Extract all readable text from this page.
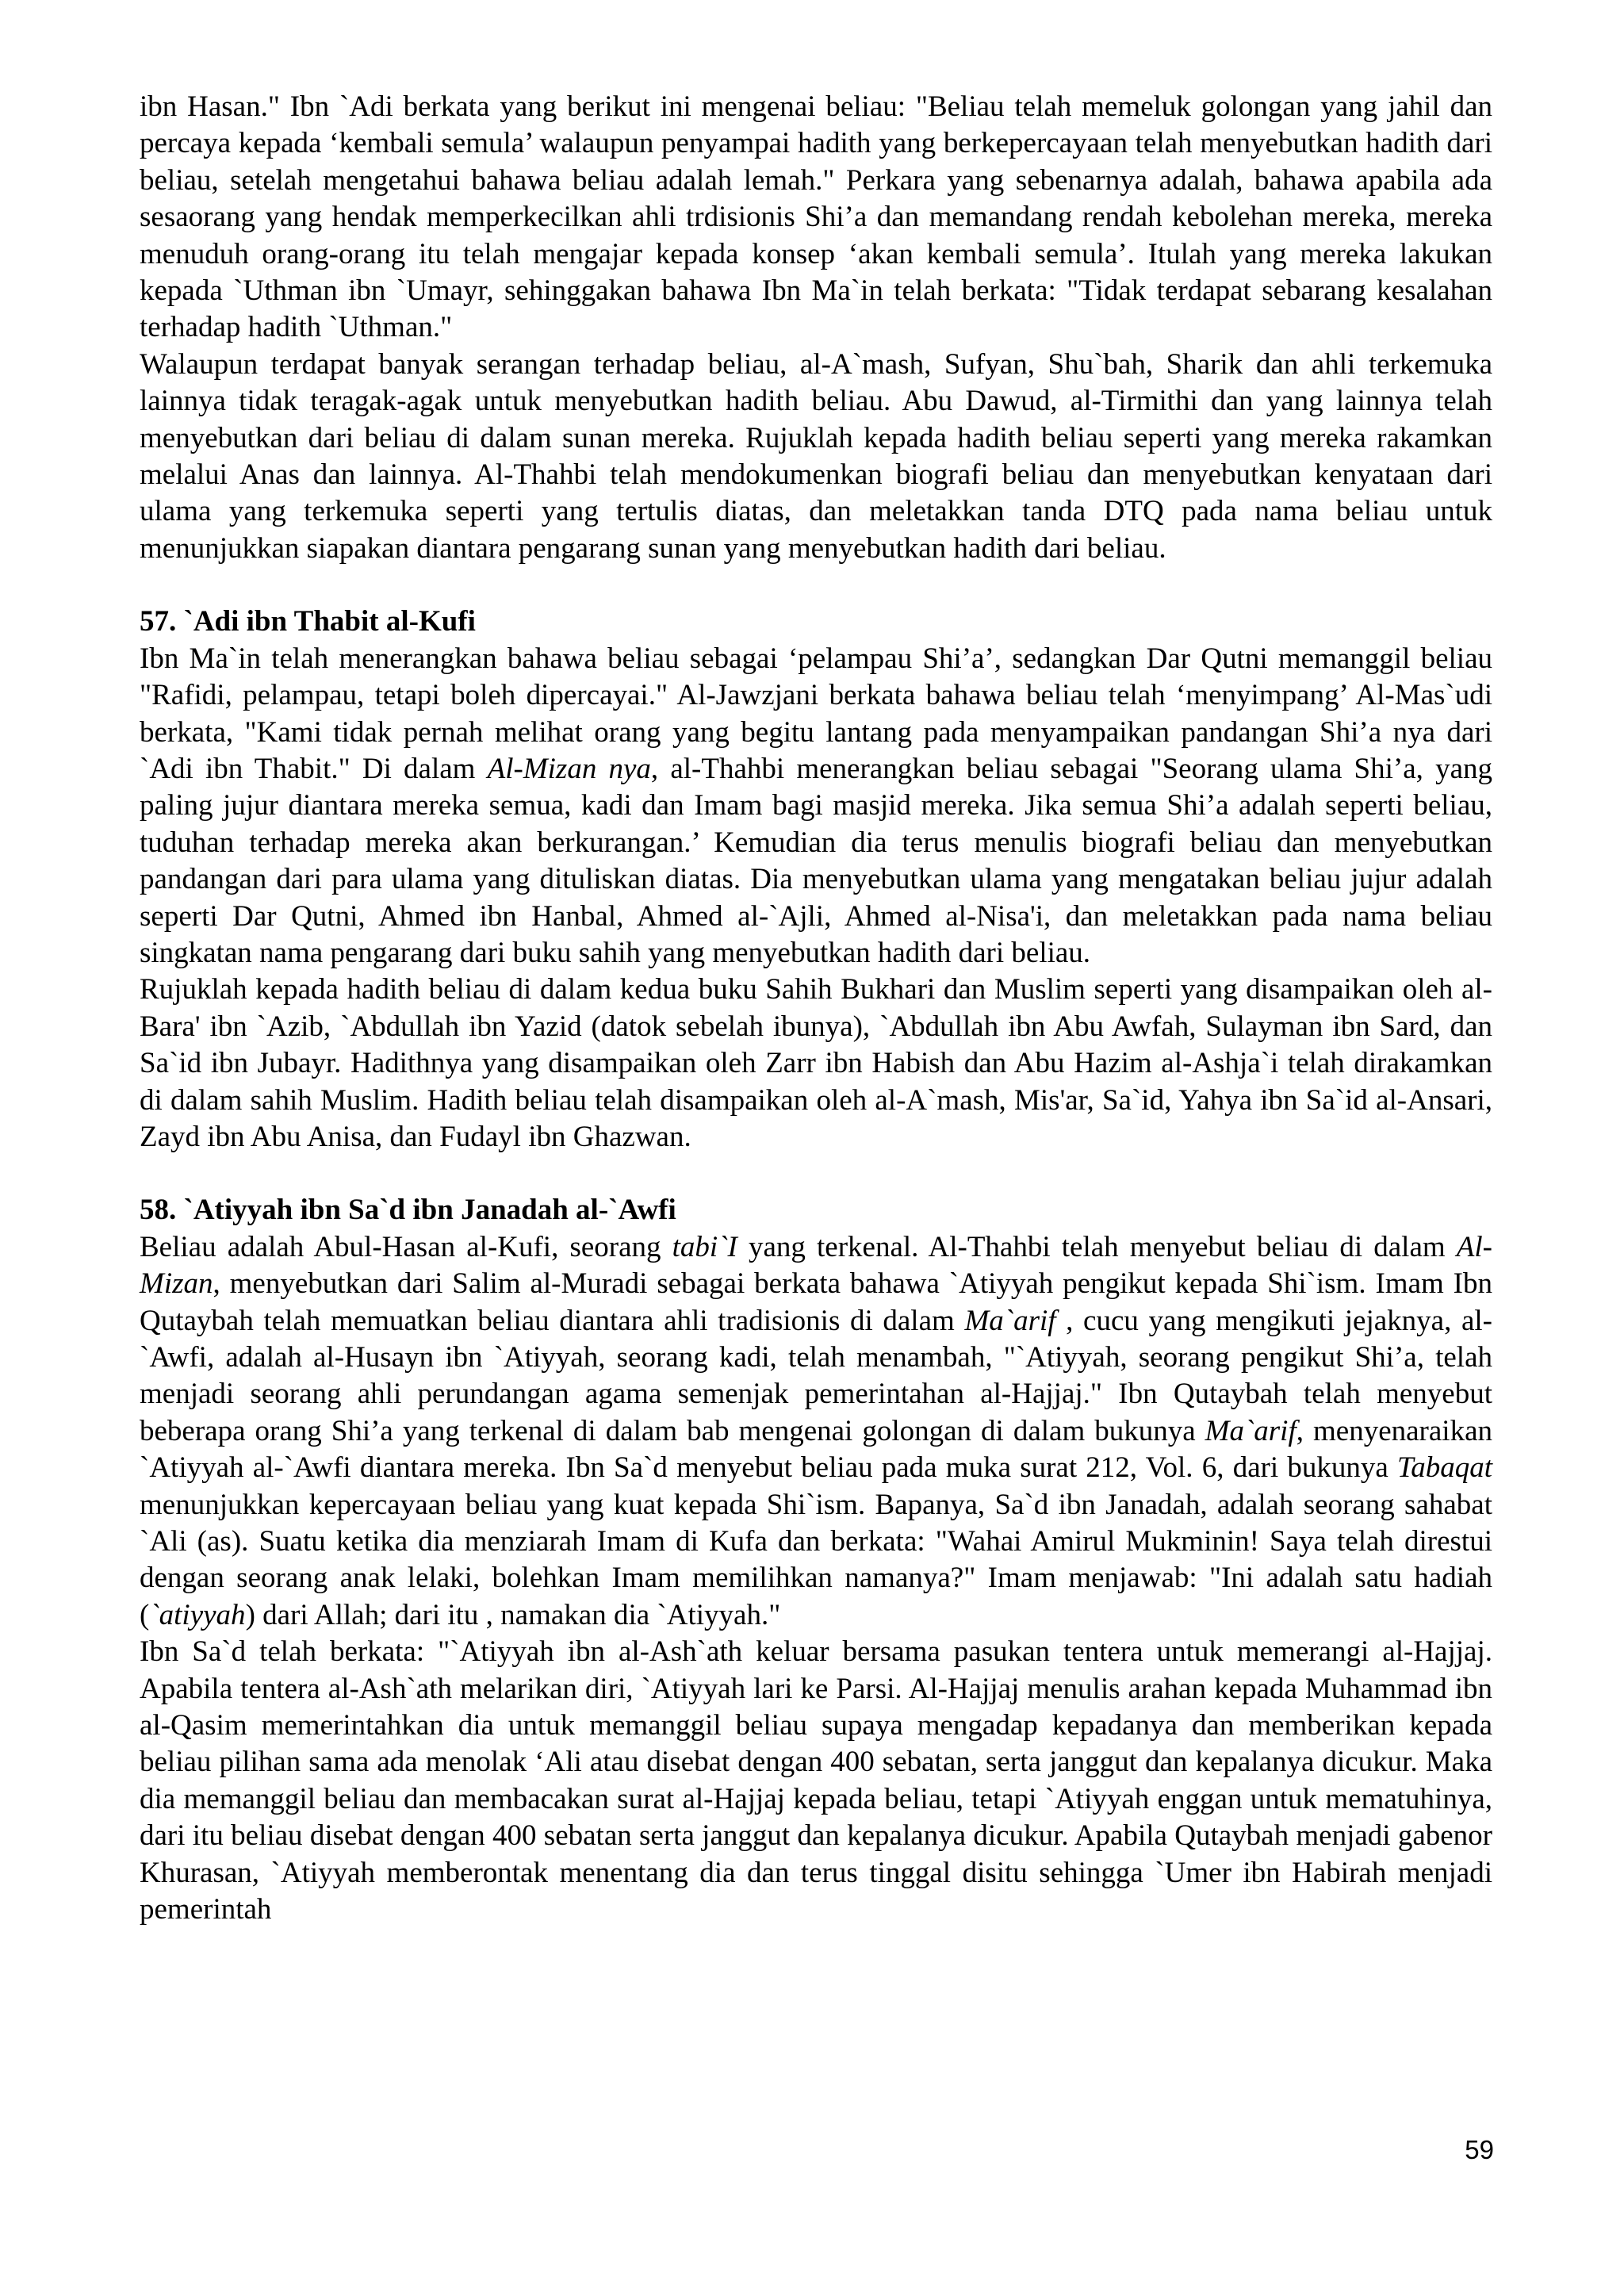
ibn Hasan." Ibn `Adi berkata yang berikut ini mengenai beliau: "Beliau telah memeluk golongan yang jahil dan percaya kepada ‘kembali semula’ walaupun penyampai hadith yang berkepercayaan telah menyebutkan hadith dari beliau, setelah mengetahui bahawa beliau adalah lemah." Perkara yang sebenarnya adalah, bahawa apabila ada sesaorang yang hendak memperkecilkan ahli trdisionis Shi’a dan memandang rendah kebolehan mereka, mereka menuduh orang-orang itu telah mengajar kepada konsep ‘akan kembali semula’. Itulah yang mereka lakukan kepada `Uthman ibn `Umayr, sehinggakan bahawa Ibn Ma`in telah berkata: "Tidak terdapat sebarang kesalahan terhadap hadith `Uthman."

Walaupun terdapat banyak serangan terhadap beliau, al-A`mash, Sufyan, Shu`bah, Sharik dan ahli terkemuka lainnya tidak teragak-agak untuk menyebutkan hadith beliau. Abu Dawud, al-Tirmithi dan yang lainnya telah menyebutkan dari beliau di dalam sunan mereka. Rujuklah kepada hadith beliau seperti yang mereka rakamkan melalui Anas dan lainnya. Al-Thahbi telah mendokumenkan biografi beliau dan menyebutkan kenyataan dari ulama yang terkemuka seperti yang tertulis diatas, dan meletakkan tanda DTQ pada nama beliau untuk menunjukkan siapakan diantara pengarang sunan yang menyebutkan hadith dari beliau.

57. `Adi ibn Thabit al-Kufi

Ibn Ma`in telah menerangkan bahawa beliau sebagai ‘pelampau Shi’a’, sedangkan Dar Qutni memanggil beliau "Rafidi, pelampau, tetapi boleh dipercayai." Al-Jawzjani berkata bahawa beliau telah ‘menyimpang’ Al-Mas`udi berkata, "Kami tidak pernah melihat orang yang begitu lantang pada menyampaikan pandangan Shi’a nya dari `Adi ibn Thabit." Di dalam Al-Mizan nya, al-Thahbi menerangkan beliau sebagai "Seorang ulama Shi’a, yang paling jujur diantara mereka semua, kadi dan Imam bagi masjid mereka. Jika semua Shi’a adalah seperti beliau, tuduhan terhadap mereka akan berkurangan.’ Kemudian dia terus menulis biografi beliau dan menyebutkan pandangan dari para ulama yang dituliskan diatas. Dia menyebutkan ulama yang mengatakan beliau jujur adalah seperti Dar Qutni, Ahmed ibn Hanbal, Ahmed al-`Ajli, Ahmed al-Nisa'i, dan meletakkan pada nama beliau singkatan nama pengarang dari buku sahih yang menyebutkan hadith dari beliau.

Rujuklah kepada hadith beliau di dalam kedua buku Sahih Bukhari dan Muslim seperti yang disampaikan oleh al-Bara' ibn `Azib, `Abdullah ibn Yazid (datok sebelah ibunya), `Abdullah ibn Abu Awfah, Sulayman ibn Sard, dan Sa`id ibn Jubayr. Hadithnya yang disampaikan oleh Zarr ibn Habish dan Abu Hazim al-Ashja`i telah dirakamkan di dalam sahih Muslim. Hadith beliau telah disampaikan oleh al-A`mash, Mis'ar, Sa`id, Yahya ibn Sa`id al-Ansari, Zayd ibn Abu Anisa, dan Fudayl ibn Ghazwan.

58. `Atiyyah ibn Sa`d ibn Janadah al-`Awfi

Beliau adalah Abul-Hasan al-Kufi, seorang tabi`I yang terkenal. Al-Thahbi telah menyebut beliau di dalam Al-Mizan, menyebutkan dari Salim al-Muradi sebagai berkata bahawa `Atiyyah pengikut kepada Shi`ism. Imam Ibn Qutaybah telah memuatkan beliau diantara ahli tradisionis di dalam Ma`arif , cucu yang mengikuti jejaknya, al-`Awfi, adalah al-Husayn ibn `Atiyyah, seorang kadi, telah menambah, "`Atiyyah, seorang pengikut Shi’a, telah menjadi seorang ahli perundangan agama semenjak pemerintahan al-Hajjaj." Ibn Qutaybah telah menyebut beberapa orang Shi’a yang terkenal di dalam bab mengenai golongan di dalam bukunya Ma`arif, menyenaraikan `Atiyyah al-`Awfi diantara mereka. Ibn Sa`d menyebut beliau pada muka surat 212, Vol. 6, dari bukunya Tabaqat menunjukkan kepercayaan beliau yang kuat kepada Shi`ism. Bapanya, Sa`d ibn Janadah, adalah seorang sahabat `Ali (as). Suatu ketika dia menziarah Imam di Kufa dan berkata: "Wahai Amirul Mukminin! Saya telah direstui dengan seorang anak lelaki, bolehkan Imam memilihkan namanya?" Imam menjawab: "Ini adalah satu hadiah (`atiyyah) dari Allah; dari itu , namakan dia `Atiyyah."

Ibn Sa`d telah berkata: "`Atiyyah ibn al-Ash`ath keluar bersama pasukan tentera untuk memerangi al-Hajjaj. Apabila tentera al-Ash`ath melarikan diri, `Atiyyah lari ke Parsi. Al-Hajjaj menulis arahan kepada Muhammad ibn al-Qasim memerintahkan dia untuk memanggil beliau supaya mengadap kepadanya dan memberikan kepada beliau pilihan sama ada menolak ‘Ali atau disebat dengan 400 sebatan, serta janggut dan kepalanya dicukur. Maka dia memanggil beliau dan membacakan surat al-Hajjaj kepada beliau, tetapi `Atiyyah enggan untuk mematuhinya, dari itu beliau disebat dengan 400 sebatan serta janggut dan kepalanya dicukur. Apabila Qutaybah menjadi gabenor Khurasan, `Atiyyah memberontak menentang dia dan terus tinggal disitu sehingga `Umer ibn Habirah menjadi pemerintah

59
